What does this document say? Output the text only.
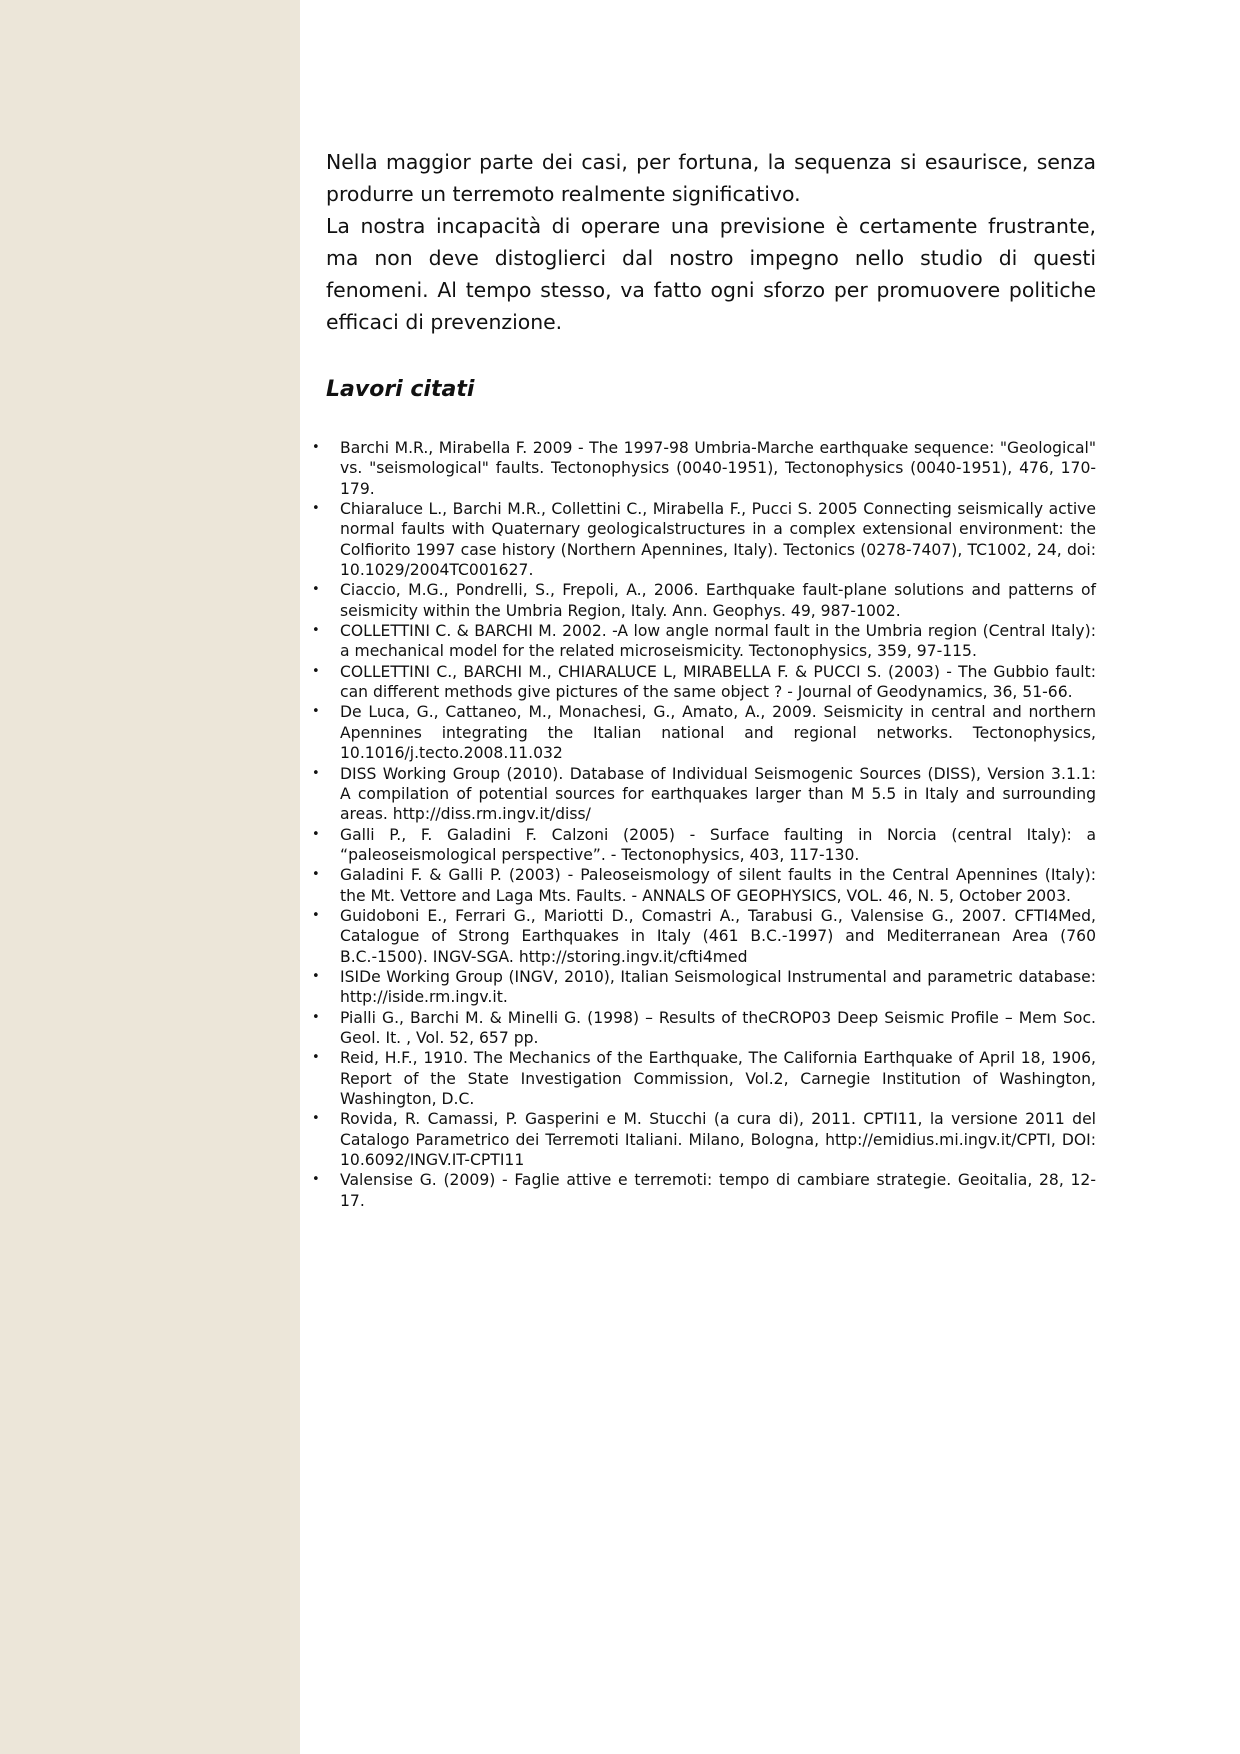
Nella maggior parte dei casi, per fortuna, la sequenza si esaurisce, senza produrre un terremoto realmente significativo.

La nostra incapacità di operare una previsione è certamente frustrante, ma non deve distoglierci dal nostro impegno nello studio di questi fenomeni. Al tempo stesso, va fatto ogni sforzo per promuovere politiche efficaci di prevenzione.

Lavori citati
• Barchi M.R., Mirabella F. 2009 - The 1997-98 Umbria-Marche earthquake sequence: "Geological" vs. "seismological" faults. Tectonophysics (0040-1951), Tectonophysics (0040-1951), 476, 170-179.
• Chiaraluce L., Barchi M.R., Collettini C., Mirabella F., Pucci S. 2005 Connecting seismically active normal faults with Quaternary geologicalstructures in a complex extensional environment: the Colfiorito 1997 case history (Northern Apennines, Italy). Tectonics (0278-7407), TC1002, 24, doi: 10.1029/2004TC001627.
• Ciaccio, M.G., Pondrelli, S., Frepoli, A., 2006. Earthquake fault-plane solutions and patterns of seismicity within the Umbria Region, Italy. Ann. Geophys. 49, 987-1002.
• COLLETTINI C. & BARCHI M. 2002. -A low angle normal fault in the Umbria region (Central Italy): a mechanical model for the related microseismicity. Tectonophysics, 359, 97-115.
• COLLETTINI C., BARCHI M., CHIARALUCE L, MIRABELLA F. & PUCCI S. (2003) - The Gubbio fault: can different methods give pictures of the same object ? - Journal of Geodynamics, 36, 51-66.
• De Luca, G., Cattaneo, M., Monachesi, G., Amato, A., 2009. Seismicity in central and northern Apennines integrating the Italian national and regional networks. Tectonophysics, 10.1016/j.tecto.2008.11.032
• DISS Working Group (2010). Database of Individual Seismogenic Sources (DISS), Version 3.1.1: A compilation of potential sources for earthquakes larger than M 5.5 in Italy and surrounding areas. http://diss.rm.ingv.it/diss/
• Galli P., F. Galadini F. Calzoni (2005) - Surface faulting in Norcia (central Italy): a “paleoseismological perspective”. - Tectonophysics, 403, 117-130.
• Galadini F. & Galli P. (2003) - Paleoseismology of silent faults in the Central Apennines (Italy): the Mt. Vettore and Laga Mts. Faults. - ANNALS OF GEOPHYSICS, VOL. 46, N. 5, October 2003.
• Guidoboni E., Ferrari G., Mariotti D., Comastri A., Tarabusi G., Valensise G., 2007. CFTI4Med, Catalogue of Strong Earthquakes in Italy (461 B.C.-1997) and Mediterranean Area (760 B.C.-1500). INGV-SGA. http://storing.ingv.it/cfti4med
• ISIDe Working Group (INGV, 2010), Italian Seismological Instrumental and parametric database: http://iside.rm.ingv.it.
• Pialli G., Barchi M. & Minelli G. (1998) – Results of theCROP03 Deep Seismic Profile – Mem Soc. Geol. It. , Vol. 52, 657 pp.
• Reid, H.F., 1910. The Mechanics of the Earthquake, The California Earthquake of April 18, 1906, Report of the State Investigation Commission, Vol.2, Carnegie Institution of Washington, Washington, D.C.
• Rovida, R. Camassi, P. Gasperini e M. Stucchi (a cura di), 2011. CPTI11, la versione 2011 del Catalogo Parametrico dei Terremoti Italiani. Milano, Bologna, http://emidius.mi.ingv.it/CPTI, DOI: 10.6092/INGV.IT-CPTI11
• Valensise G. (2009) - Faglie attive e terremoti: tempo di cambiare strategie. Geoitalia, 28, 12-17.
